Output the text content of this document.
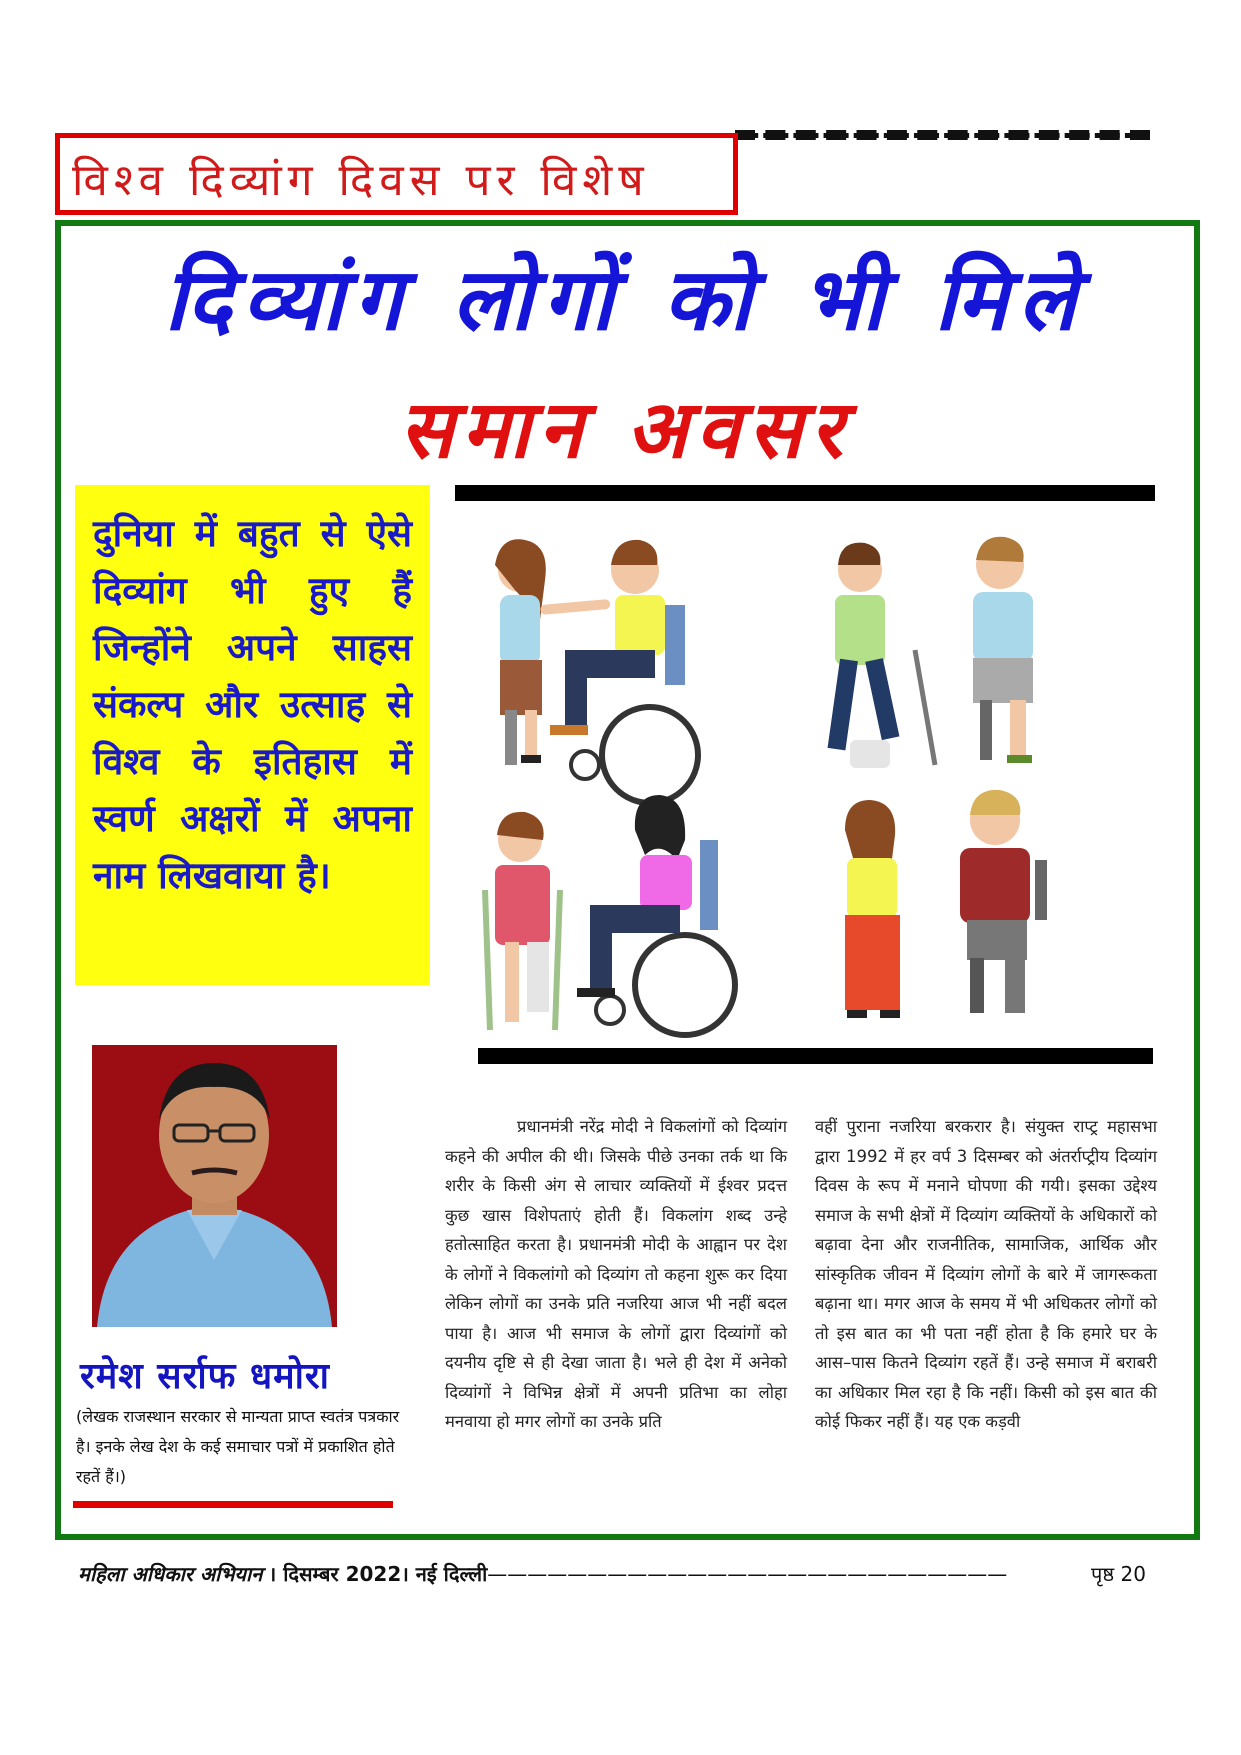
विश्व दिव्यांग दिवस पर विशेष
दिव्यांग लोगों को भी मिले
समान अवसर

दुनिया में बहुत से ऐसे दिव्यांग भी हुए हैं जिन्होंने अपने साहस संकल्प और उत्साह से विश्व के इतिहास में स्वर्ण अक्षरों में अपना नाम लिखवाया है।

रमेश सर्राफ धमोरा
(लेखक राजस्थान सरकार से मान्यता प्राप्त स्वतंत्र पत्रकार है। इनके लेख देश के कई समाचार पत्रों में प्रकाशित होते रहतें हैं।)
प्रधानमंत्री नरेंद्र मोदी ने विकलांगों को दिव्यांग कहने की अपील की थी। जिसके पीछे उनका तर्क था कि शरीर के किसी अंग से लाचार व्यक्तियों में ईश्वर प्रदत्त कुछ खास विशेपताएं होती हैं। विकलांग शब्द उन्हे हतोत्साहित करता है। प्रधानमंत्री मोदी के आह्वान पर देश के लोगों ने विकलांगो को दिव्यांग तो कहना शुरू कर दिया लेकिन लोगों का उनके प्रति नजरिया आज भी नहीं बदल पाया है। आज भी समाज के लोगों द्वारा दिव्यांगों को दयनीय दृष्टि से ही देखा जाता है। भले ही देश में अनेको दिव्यांगों ने विभिन्न क्षेत्रों में अपनी प्रतिभा का लोहा मनवाया हो मगर लोगों का उनके प्रति
वहीं पुराना नजरिया बरकरार है। संयुक्त राप्ट्र महासभा द्वारा 1992 में हर वर्प 3 दिसम्बर को अंतर्राप्ट्रीय दिव्यांग दिवस के रूप में मनाने घोपणा की गयी। इसका उद्देश्य समाज के सभी क्षेत्रों में दिव्यांग व्यक्तियों के अधिकारों को बढ़ावा देना और राजनीतिक, सामाजिक, आर्थिक और सांस्कृतिक जीवन में दिव्यांग लोगों के बारे में जागरूकता बढ़ाना था। मगर आज के समय में भी अधिकतर लोगों को तो इस बात का भी पता नहीं होता है कि हमारे घर के आस–पास कितने दिव्यांग रहतें हैं। उन्हे समाज में बराबरी का अधिकार मिल रहा है कि नहीं। किसी को इस बात की कोई फिकर नहीं हैं। यह एक कड़वी
महिला अधिकार अभियान । दिसम्बर 2022। नई दिल्ली——————————————————————————	पृष्ठ 20
